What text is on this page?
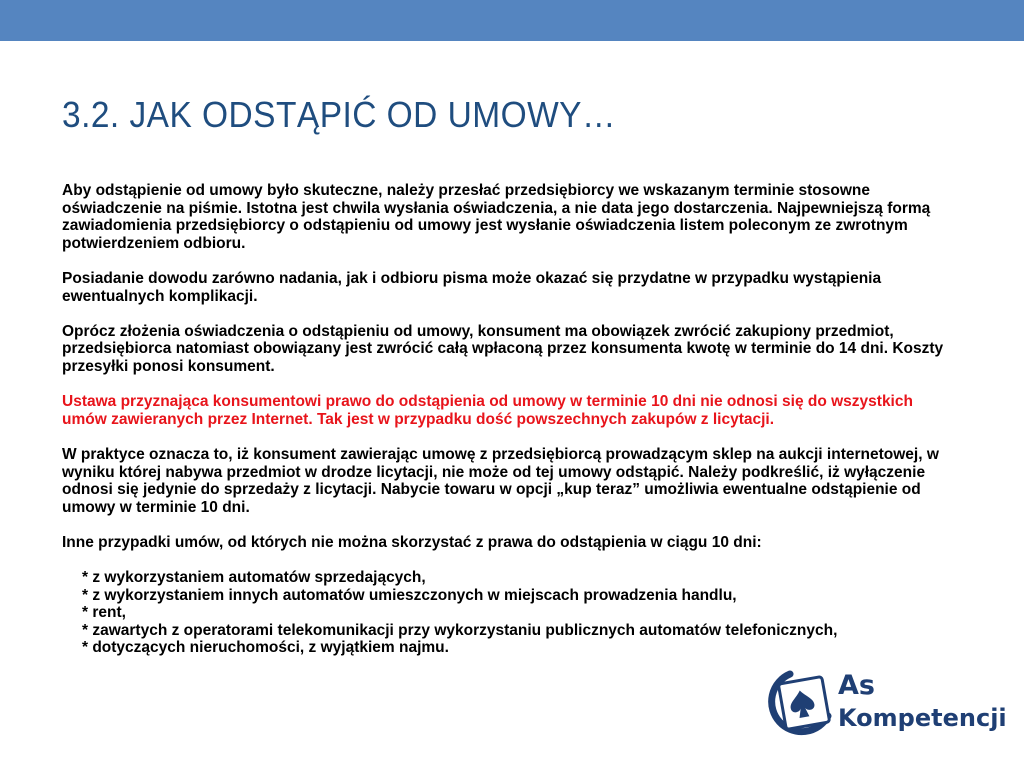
3.2. JAK ODSTĄPIĆ OD UMOWY…

Aby odstąpienie od umowy było skuteczne, należy przesłać przedsiębiorcy we wskazanym terminie stosowne oświadczenie na piśmie. Istotna jest chwila wysłania oświadczenia, a nie data jego dostarczenia. Najpewniejszą formą zawiadomienia przedsiębiorcy o odstąpieniu od umowy jest wysłanie oświadczenia listem poleconym ze zwrotnym potwierdzeniem odbioru.

Posiadanie dowodu zarówno nadania, jak i odbioru pisma może okazać się przydatne w przypadku wystąpienia ewentualnych komplikacji.

Oprócz złożenia oświadczenia o odstąpieniu od umowy, konsument ma obowiązek zwrócić zakupiony przedmiot, przedsiębiorca natomiast obowiązany jest zwrócić całą wpłaconą przez konsumenta kwotę w terminie do 14 dni. Koszty przesyłki ponosi konsument.

Ustawa przyznająca konsumentowi prawo do odstąpienia od umowy w terminie 10 dni nie odnosi się do wszystkich umów zawieranych przez Internet. Tak jest w przypadku dość powszechnych zakupów z licytacji.

W praktyce oznacza to, iż konsument zawierając umowę z przedsiębiorcą prowadzącym sklep na aukcji internetowej, w wyniku której nabywa przedmiot w drodze licytacji, nie może od tej umowy odstąpić. Należy podkreślić, iż wyłączenie odnosi się jedynie do sprzedaży z licytacji. Nabycie towaru w opcji „kup teraz” umożliwia ewentualne odstąpienie od umowy w terminie 10 dni.

Inne przypadki umów, od których nie można skorzystać z prawa do odstąpienia w ciągu 10 dni:

* z wykorzystaniem automatów sprzedających,
* z wykorzystaniem innych automatów umieszczonych w miejscach prowadzenia handlu,
* rent,
* zawartych z operatorami telekomunikacji przy wykorzystaniu publicznych automatów telefonicznych,
* dotyczących nieruchomości, z wyjątkiem najmu.
As
Kompetencji
